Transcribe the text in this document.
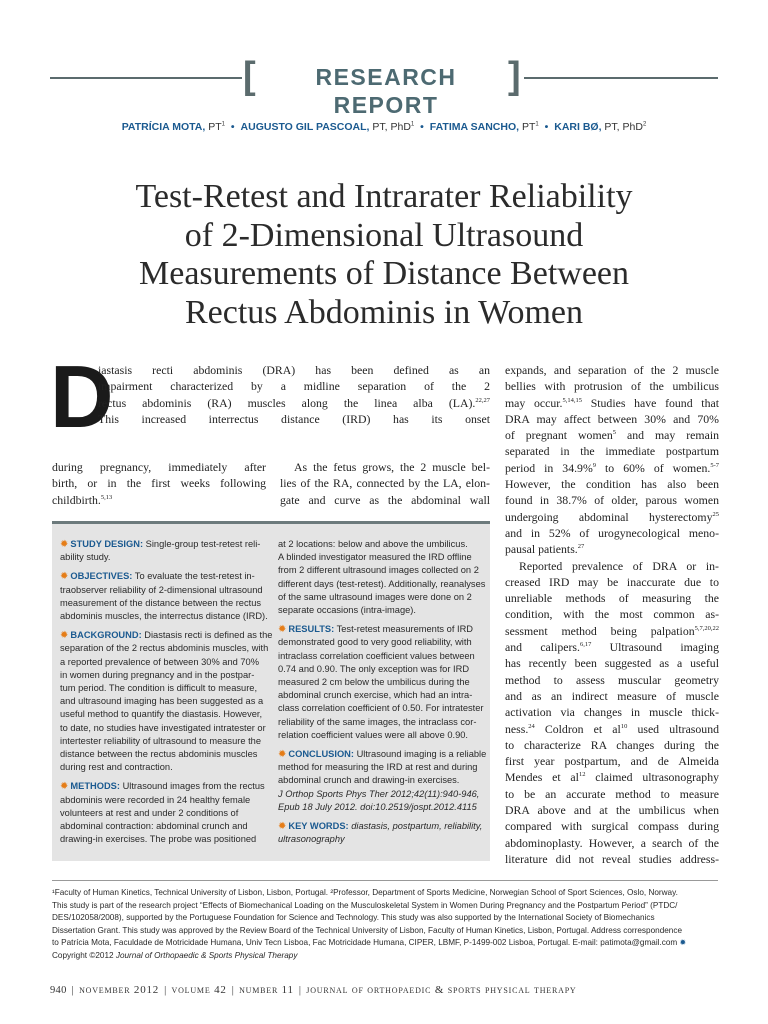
[	RESEARCH REPORT
]
PATRÍCIA MOTA, $PT^1$ • AUGUSTO GIL PASCOAL, PT, PhD$^1$ • FATIMA SANCHO, $PT^1$ • KARI BØ, PT, PhD$^2$
Test-Retest and Intrarater Reliability
of 2-Dimensional Ultrasound
Measurements of Distance Between
Rectus Abdominis in Women
D
iastasis recti abdominis (DRA) has been defined as an
impairment characterized by a midline separation of the 2
rectus abdominis (RA) muscles along the linea alba (LA).$^{22,27}$
This increased interrectus distance (IRD) has its onset
during pregnancy, immediately after
birth, or in the first weeks following
childbirth.$^{5,13}$
As the fetus grows, the 2 muscle bel-
lies of the RA, connected by the LA, elon-
gate and curve as the abdominal wall
expands, and separation of the 2 muscle
bellies with protrusion of the umbilicus
may occur.$^{5,14,15}$ Studies have found that
DRA may affect between 30% and 70%
of pregnant women$^5$ and may remain
separated in the immediate postpartum
period in 34.9%$^9$ to 60% of women.$^{5-7}$
However, the condition has also been
found in 38.7% of older, parous women
undergoing abdominal hysterectomy$^{25}$
and in 52% of urogynecological meno-
pausal patients.$^{27}$
Reported prevalence of DRA or in-
creased IRD may be inaccurate due to
unreliable methods of measuring the
condition, with the most common as-
sessment method being palpation$^{5,7,20,22}$
and calipers.$^{6,17}$ Ultrasound imaging
has recently been suggested as a useful
method to assess muscular geometry
and as an indirect measure of muscle
activation via changes in muscle thick-
ness.$^{24}$ Coldron et $al^{10}$ used ultrasound
to characterize RA changes during the
first year postpartum, and de Almeida
Mendes et $al^{12}$ claimed ultrasonography
to be an accurate method to measure
DRA above and at the umbilicus when
compared with surgical compass during
abdominoplasty. However, a search of the
literature did not reveal studies address-
✹ STUDY DESIGN: Single-group test-retest reli-
ability study.
✹ OBJECTIVES: To evaluate the test-retest in-
traobserver reliability of 2-dimensional ultrasound
measurement of the distance between the rectus
abdominis muscles, the interrectus distance (IRD).
✹ BACKGROUND: Diastasis recti is defined as the
separation of the 2 rectus abdominis muscles, with
a reported prevalence of between 30% and 70%
in women during pregnancy and in the postpar-
tum period. The condition is difficult to measure,
and ultrasound imaging has been suggested as a
useful method to quantify the diastasis. However,
to date, no studies have investigated intratester or
intertester reliability of ultrasound to measure the
distance between the rectus abdominis muscles
during rest and contraction.
✹ METHODS: Ultrasound images from the rectus
abdominis were recorded in 24 healthy female
volunteers at rest and under 2 conditions of
abdominal contraction: abdominal crunch and
drawing-in exercises. The probe was positioned
at 2 locations: below and above the umbilicus.
A blinded investigator measured the IRD offline
from 2 different ultrasound images collected on 2
different days (test-retest). Additionally, reanalyses
of the same ultrasound images were done on 2
separate occasions (intra-image).
✹ RESULTS: Test-retest measurements of IRD
demonstrated good to very good reliability, with
intraclass correlation coefficient values between
0.74 and 0.90. The only exception was for IRD
measured 2 cm below the umbilicus during the
abdominal crunch exercise, which had an intra-
class correlation coefficient of 0.50. For intratester
reliability of the same images, the intraclass cor-
relation coefficient values were all above 0.90.
✹ CONCLUSION: Ultrasound imaging is a reliable
method for measuring the IRD at rest and during
abdominal crunch and drawing-in exercises.
J Orthop Sports Phys Ther 2012;42(11):940-946,
Epub 18 July 2012. doi:10.2519/jospt.2012.4115
✹ KEY WORDS: diastasis, postpartum, reliability,
ultrasonography
¹Faculty of Human Kinetics, Technical University of Lisbon, Lisbon, Portugal. ²Professor, Department of Sports Medicine, Norwegian School of Sport Sciences, Oslo, Norway.
This study is part of the research project “Effects of Biomechanical Loading on the Musculoskeletal System in Women During Pregnancy and the Postpartum Period” (PTDC/
DES/102058/2008), supported by the Portuguese Foundation for Science and Technology. This study was also supported by the International Society of Biomechanics
Dissertation Grant. This study was approved by the Review Board of the Technical University of Lisbon, Faculty of Human Kinetics, Lisbon, Portugal. Address correspondence
to Patrícia Mota, Faculdade de Motricidade Humana, Univ Tecn Lisboa, Fac Motricidade Humana, CIPER, LBMF, P-1499-002 Lisboa, Portugal. E-mail: patimota@gmail.com ✹
Copyright ©2012 Journal of Orthopaedic & Sports Physical Therapy
940 | november 2012 | volume 42 | number 11 | journal of orthopaedic & sports physical therapy
